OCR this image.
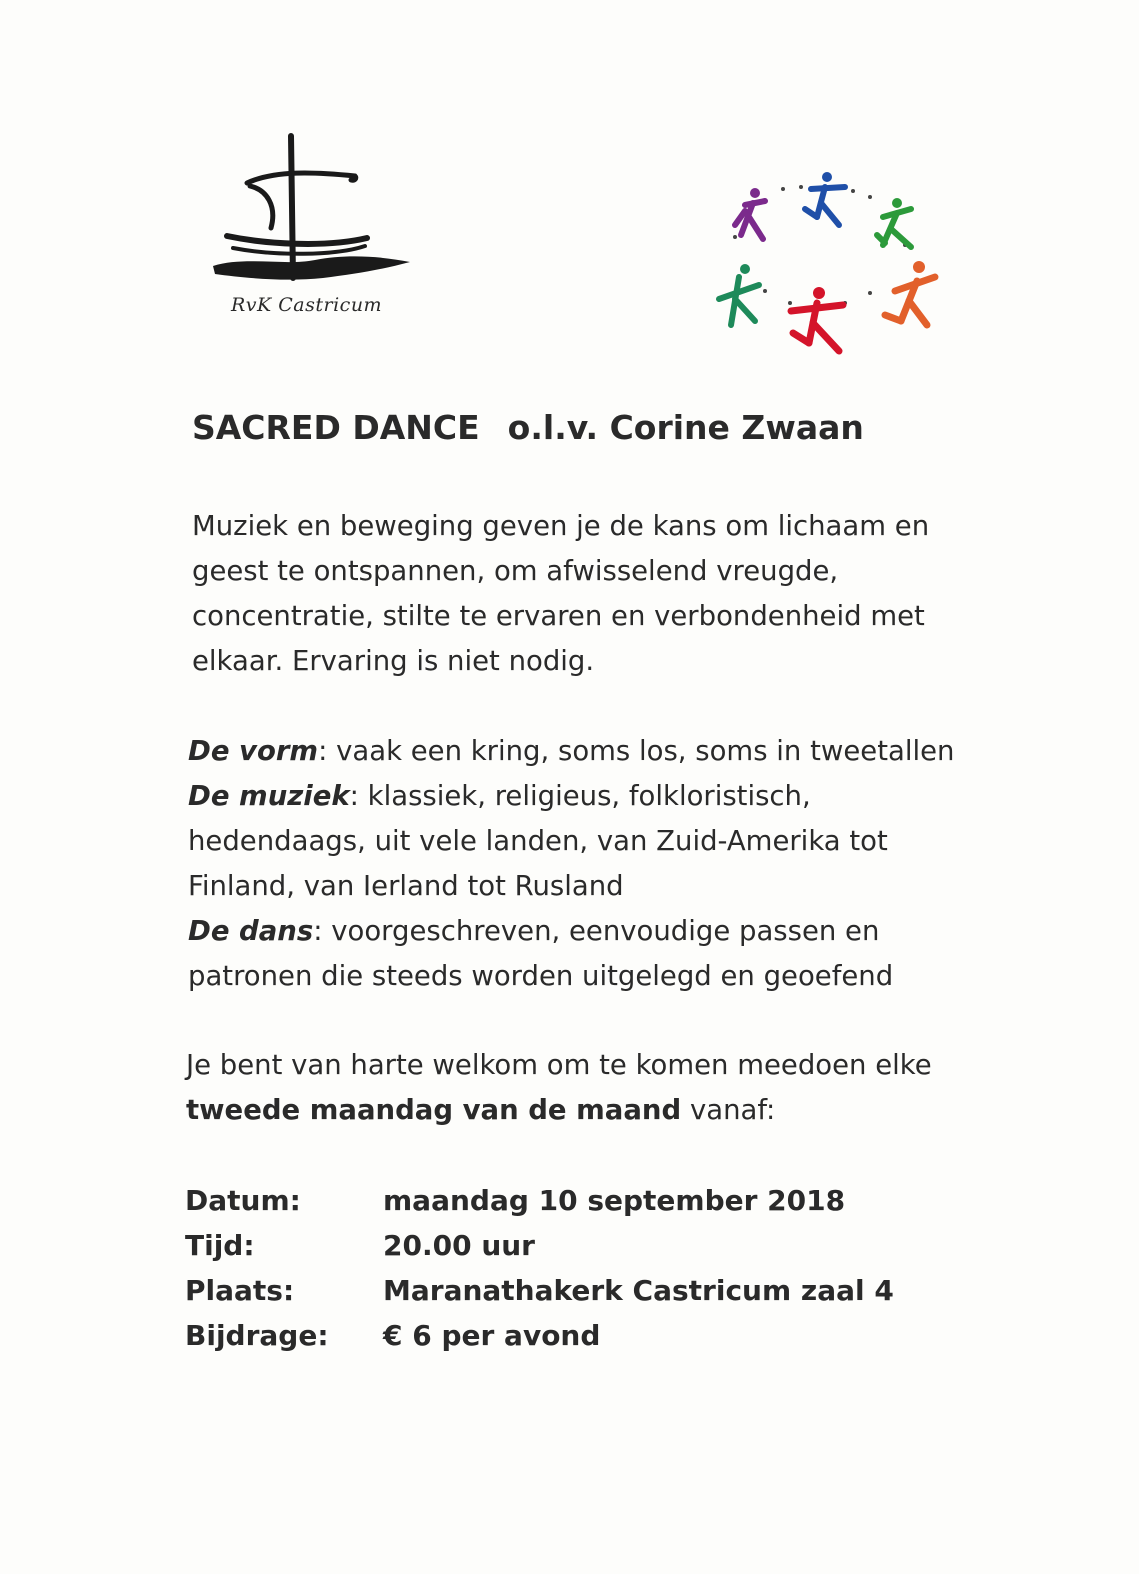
RvK Castricum
SACRED DANCE o.l.v. Corine Zwaan
Muziek en beweging geven je de kans om lichaam en
geest te ontspannen, om afwisselend vreugde,
concentratie, stilte te ervaren en verbondenheid met
elkaar. Ervaring is niet nodig.
De vorm: vaak een kring, soms los, soms in tweetallen
De muziek: klassiek, religieus, folkloristisch,
hedendaags, uit vele landen, van Zuid-Amerika tot
Finland, van Ierland tot Rusland
De dans: voorgeschreven, eenvoudige passen en
patronen die steeds worden uitgelegd en geoefend
Je bent van harte welkom om te komen meedoen elke
tweede maandag van de maand vanaf:
Datum:	maandag 10 september 2018
Tijd:	20.00 uur
Plaats:	Maranathakerk Castricum zaal 4
Bijdrage: € 6 per avond
